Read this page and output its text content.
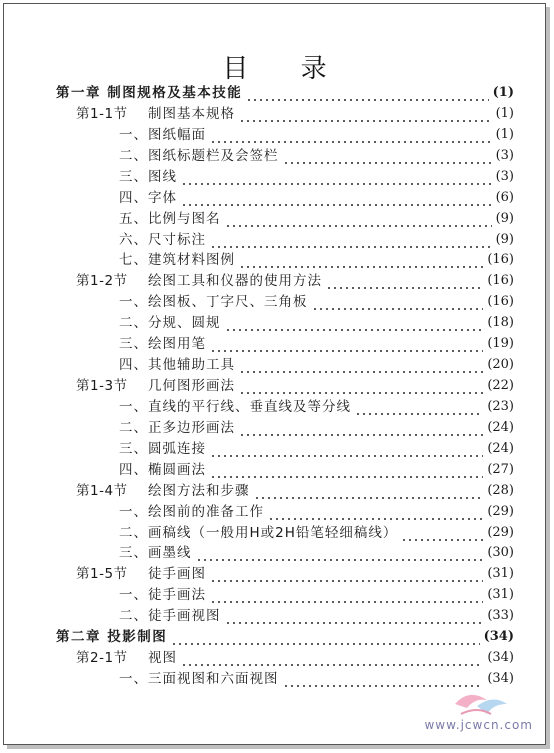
目 录
第一章 制图规格及基本技能	(1)
第1-1节 制图基本规格	(1)
一、图纸幅面	(1)
二、图纸标题栏及会签栏	(3)
三、图线	(3)
四、字体	(6)
五、比例与图名	(9)
六、尺寸标注	(9)
七、建筑材料图例	(16)
第1-2节 绘图工具和仪器的使用方法	(16)
一、绘图板、丁字尺、三角板	(16)
二、分规、圆规	(18)
三、绘图用笔	(19)
四、其他辅助工具	(20)
第1-3节 几何图形画法	(22)
一、直线的平行线、垂直线及等分线	(23)
二、正多边形画法	(24)
三、圆弧连接	(24)
四、椭圆画法	(27)
第1-4节 绘图方法和步骤	(28)
一、绘图前的准备工作	(29)
二、画稿线（一般用H或2H铅笔轻细稿线）	(29)
三、画墨线	(30)
第1-5节 徒手画图	(31)
一、徒手画法	(31)
二、徒手画视图	(33)
第二章 投影制图	(34)
第2-1节 视图	(34)
一、三面视图和六面视图	(34)
www.jcwcn.com
